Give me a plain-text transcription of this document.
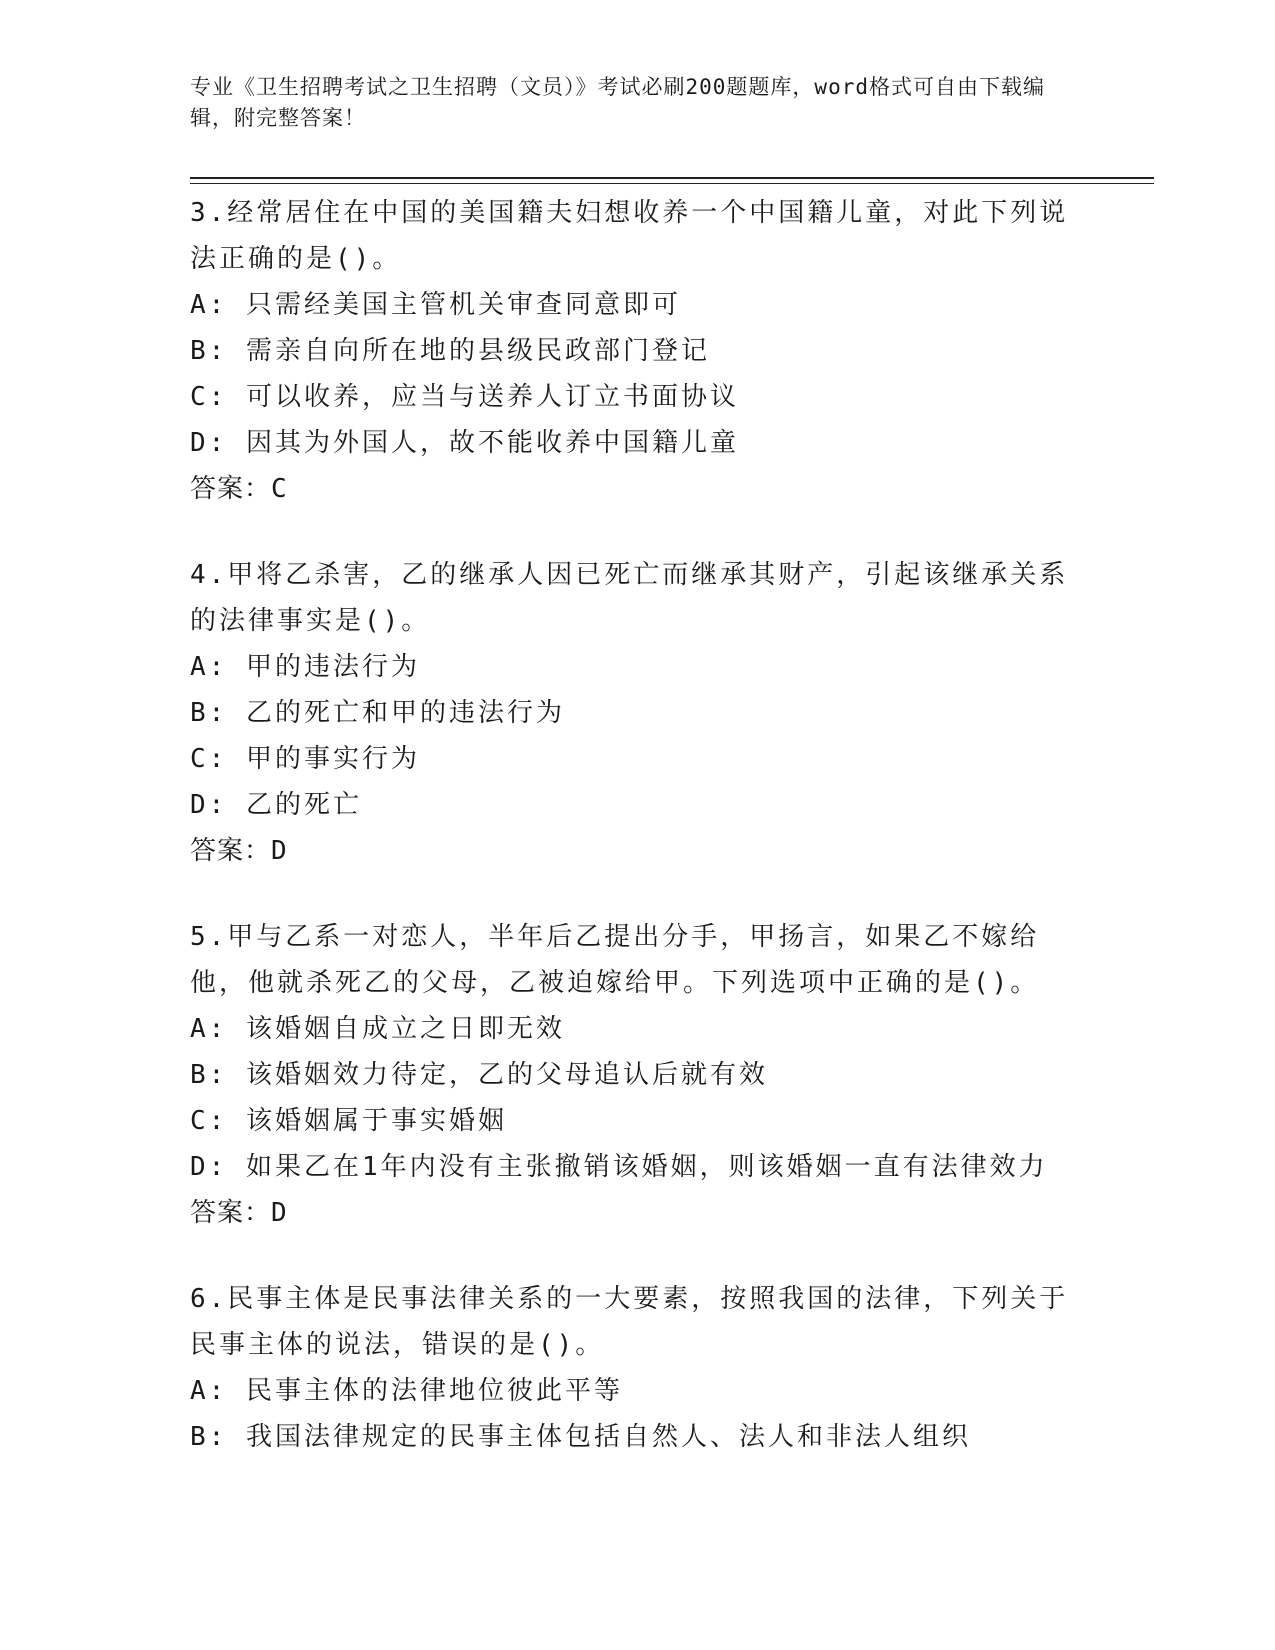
专业《卫生招聘考试之卫生招聘（文员）》考试必刷200题题库，word格式可自由下载编辑，附完整答案！

3.经常居住在中国的美国籍夫妇想收养一个中国籍儿童，对此下列说法正确的是()。

A: 只需经美国主管机关审查同意即可

B: 需亲自向所在地的县级民政部门登记

C: 可以收养，应当与送养人订立书面协议

D: 因其为外国人，故不能收养中国籍儿童

答案：C

4.甲将乙杀害，乙的继承人因已死亡而继承其财产，引起该继承关系的法律事实是()。

A: 甲的违法行为

B: 乙的死亡和甲的违法行为

C: 甲的事实行为

D: 乙的死亡

答案：D

5.甲与乙系一对恋人，半年后乙提出分手，甲扬言，如果乙不嫁给他，他就杀死乙的父母，乙被迫嫁给甲。下列选项中正确的是()。

A: 该婚姻自成立之日即无效

B: 该婚姻效力待定，乙的父母追认后就有效

C: 该婚姻属于事实婚姻

D: 如果乙在1年内没有主张撤销该婚姻，则该婚姻一直有法律效力

答案：D

6.民事主体是民事法律关系的一大要素，按照我国的法律，下列关于民事主体的说法，错误的是()。

A: 民事主体的法律地位彼此平等

B: 我国法律规定的民事主体包括自然人、法人和非法人组织
